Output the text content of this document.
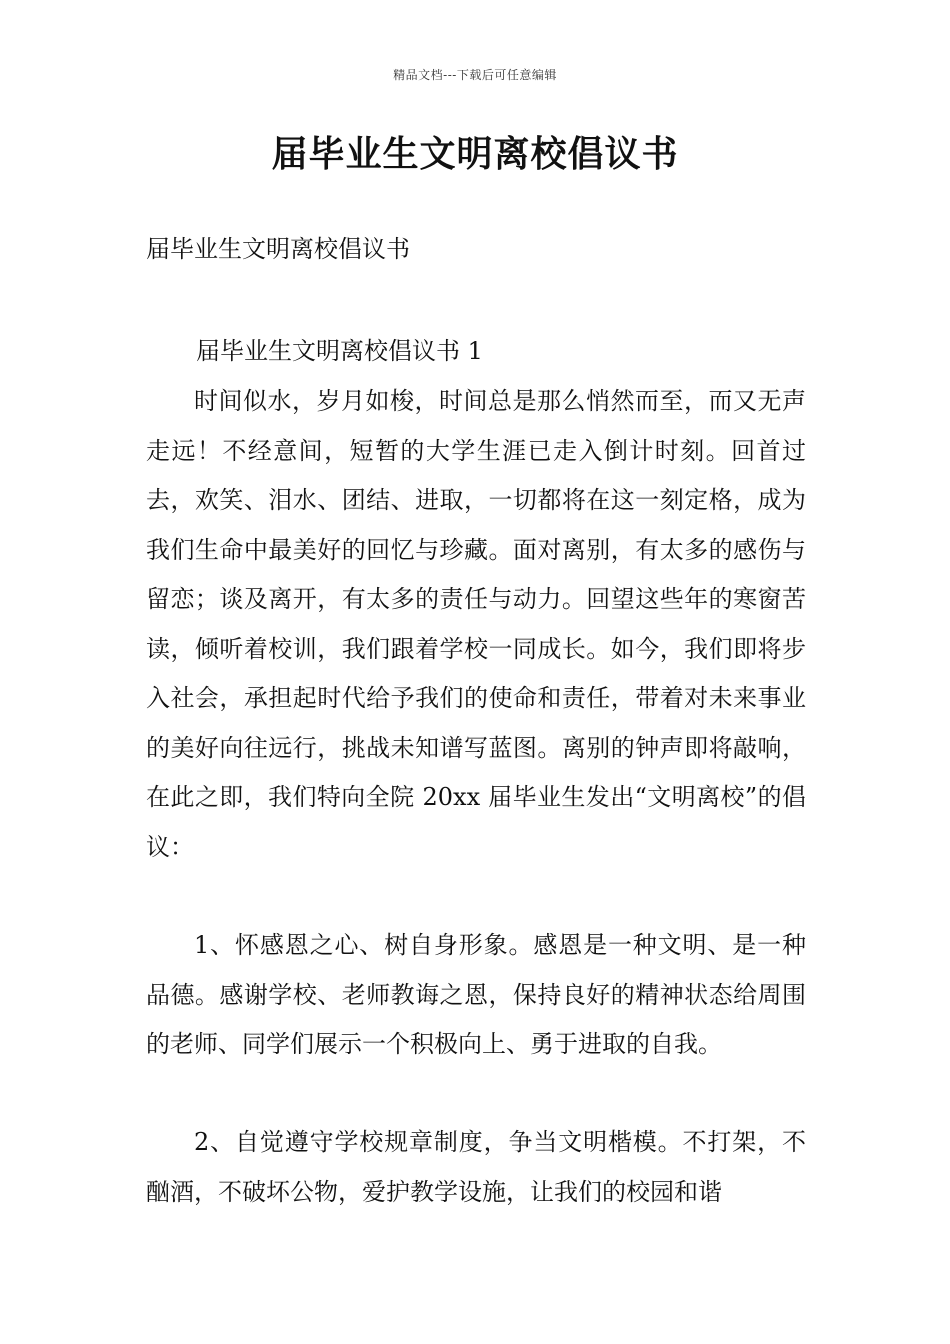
精品文档---下载后可任意编辑
届毕业生文明离校倡议书
届毕业生文明离校倡议书
届毕业生文明离校倡议书 1

时间似水，岁月如梭，时间总是那么悄然而至，而又无声走远！不经意间，短暂的大学生涯已走入倒计时刻。回首过去，欢笑、泪水、团结、进取，一切都将在这一刻定格，成为我们生命中最美好的回忆与珍藏。面对离别，有太多的感伤与留恋；谈及离开，有太多的责任与动力。回望这些年的寒窗苦读，倾听着校训，我们跟着学校一同成长。如今，我们即将步入社会，承担起时代给予我们的使命和责任，带着对未来事业的美好向往远行，挑战未知谱写蓝图。离别的钟声即将敲响，在此之即，我们特向全院 20xx 届毕业生发出“文明离校”的倡议：

1、怀感恩之心、树自身形象。感恩是一种文明、是一种品德。感谢学校、老师教诲之恩，保持良好的精神状态给周围的老师、同学们展示一个积极向上、勇于进取的自我。

2、自觉遵守学校规章制度，争当文明楷模。不打架，不酗酒，不破坏公物，爱护教学设施，让我们的校园和谐
